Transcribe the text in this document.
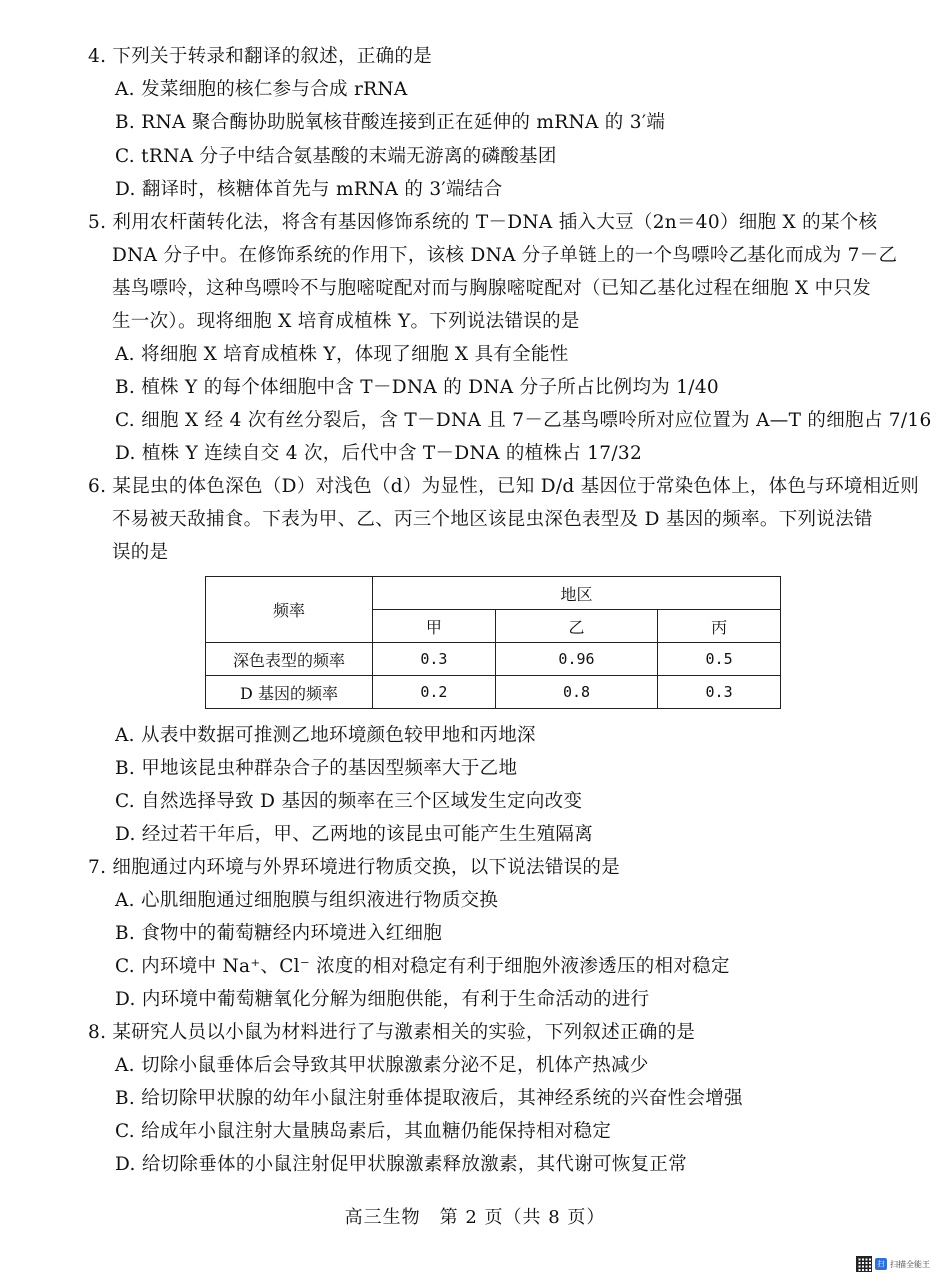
4. 下列关于转录和翻译的叙述，正确的是
A. 发菜细胞的核仁参与合成 rRNA
B. RNA 聚合酶协助脱氧核苷酸连接到正在延伸的 mRNA 的 3′端
C. tRNA 分子中结合氨基酸的末端无游离的磷酸基团
D. 翻译时，核糖体首先与 mRNA 的 3′端结合
5. 利用农杆菌转化法，将含有基因修饰系统的 T－DNA 插入大豆（2n＝40）细胞 X 的某个核
DNA 分子中。在修饰系统的作用下，该核 DNA 分子单链上的一个鸟嘌呤乙基化而成为 7－乙
基鸟嘌呤，这种鸟嘌呤不与胞嘧啶配对而与胸腺嘧啶配对（已知乙基化过程在细胞 X 中只发
生一次）。现将细胞 X 培育成植株 Y。下列说法错误的是
A. 将细胞 X 培育成植株 Y，体现了细胞 X 具有全能性
B. 植株 Y 的每个体细胞中含 T－DNA 的 DNA 分子所占比例均为 1/40
C. 细胞 X 经 4 次有丝分裂后，含 T－DNA 且 7－乙基鸟嘌呤所对应位置为 A—T 的细胞占 7/16
D. 植株 Y 连续自交 4 次，后代中含 T－DNA 的植株占 17/32
6. 某昆虫的体色深色（D）对浅色（d）为显性，已知 D/d 基因位于常染色体上，体色与环境相近则
不易被天敌捕食。下表为甲、乙、丙三个地区该昆虫深色表型及 D 基因的频率。下列说法错
误的是
频率	地区		
	甲	乙	丙
深色表型的频率	0.3	0.96	0.5
D 基因的频率	0.2	0.8	0.3
A. 从表中数据可推测乙地环境颜色较甲地和丙地深
B. 甲地该昆虫种群杂合子的基因型频率大于乙地
C. 自然选择导致 D 基因的频率在三个区域发生定向改变
D. 经过若干年后，甲、乙两地的该昆虫可能产生生殖隔离
7. 细胞通过内环境与外界环境进行物质交换，以下说法错误的是
A. 心肌细胞通过细胞膜与组织液进行物质交换
B. 食物中的葡萄糖经内环境进入红细胞
C. 内环境中 Na⁺、Cl⁻ 浓度的相对稳定有利于细胞外液渗透压的相对稳定
D. 内环境中葡萄糖氧化分解为细胞供能，有利于生命活动的进行
8. 某研究人员以小鼠为材料进行了与激素相关的实验，下列叙述正确的是
A. 切除小鼠垂体后会导致其甲状腺激素分泌不足，机体产热减少
B. 给切除甲状腺的幼年小鼠注射垂体提取液后，其神经系统的兴奋性会增强
C. 给成年小鼠注射大量胰岛素后，其血糖仍能保持相对稳定
D. 给切除垂体的小鼠注射促甲状腺激素释放激素，其代谢可恢复正常
高三生物　第 2 页（共 8 页）
扫 扫描全能王
